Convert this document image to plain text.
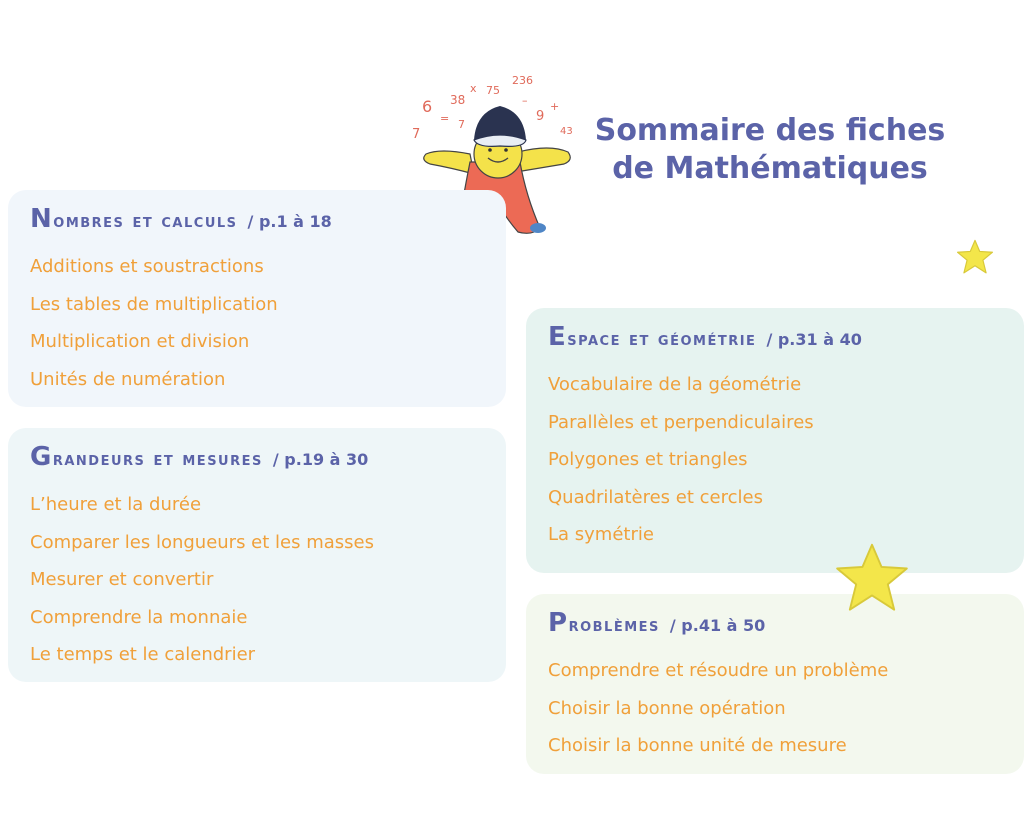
Sommaire des fiches
de Mathématiques
6 38
x 75
236
7
= 7
9
– +
43
Nombres et calculs / p.1 à 18
Additions et soustractions
Les tables de multiplication
Multiplication et division
Unités de numération
Grandeurs et mesures / p.19 à 30
L’heure et la durée
Comparer les longueurs et les masses
Mesurer et convertir
Comprendre la monnaie
Le temps et le calendrier
Espace et géométrie / p.31 à 40
Vocabulaire de la géométrie
Parallèles et perpendiculaires
Polygones et triangles
Quadrilatères et cercles
La symétrie
Problèmes / p.41 à 50
Comprendre et résoudre un problème
Choisir la bonne opération
Choisir la bonne unité de mesure
